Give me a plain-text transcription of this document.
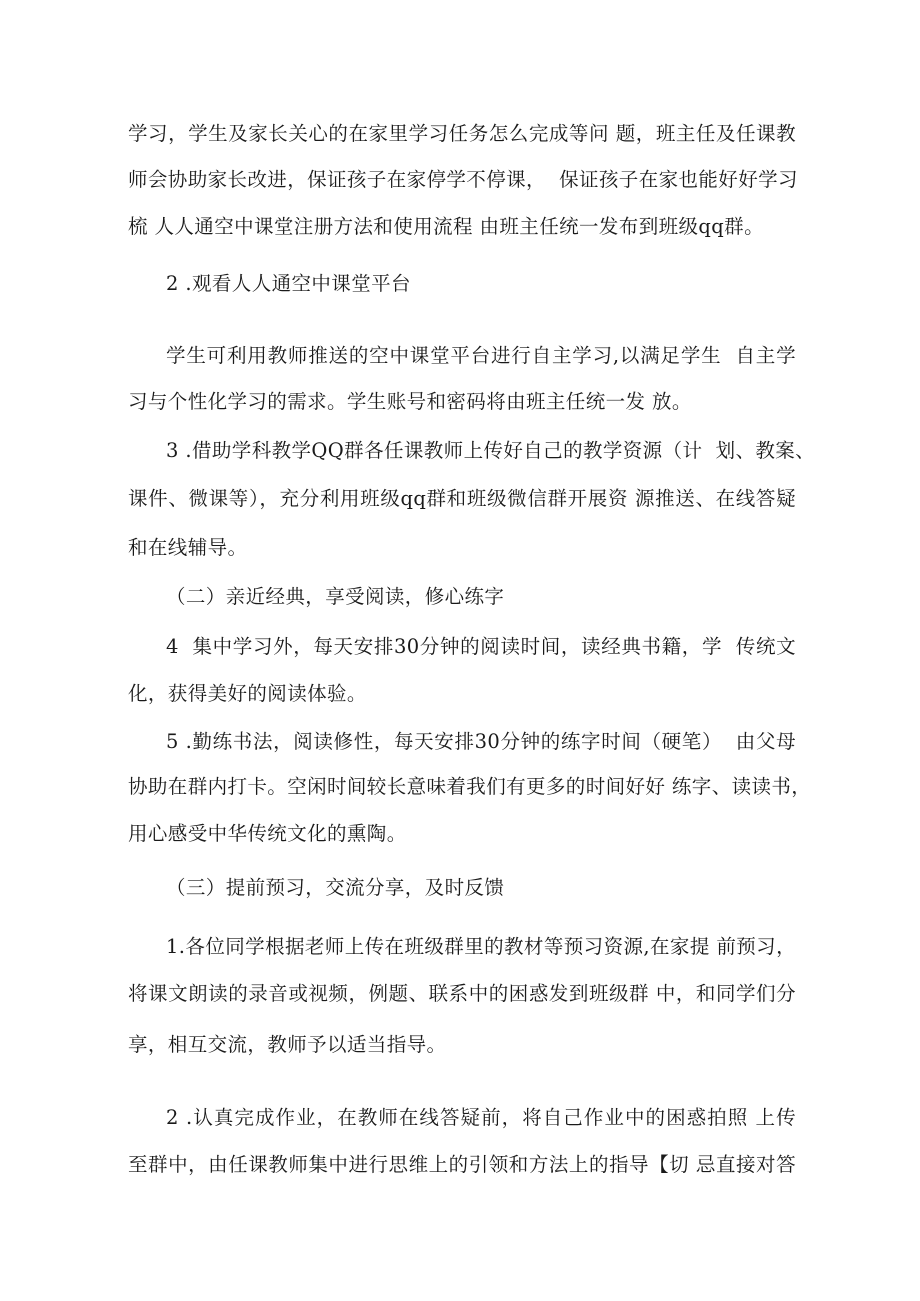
学习，学生及家长关心的在家里学习任务怎么完成等问 题，班主任及任课教
师会协助家长改进，保证孩子在家停学不停课，  保证孩子在家也能好好学习
梳 人人通空中课堂注册方法和使用流程 由班主任统一发布到班级qq群。
2 .观看人人通空中课堂平台
学生可利用教师推送的空中课堂平台进行自主学习,以满足学生  自主学
习与个性化学习的需求。学生账号和密码将由班主任统一发 放。
3 .借助学科教学QQ群各任课教师上传好自己的教学资源（计  划、教案、
课件、微课等），充分利用班级qq群和班级微信群开展资 源推送、在线答疑
和在线辅导。
（二）亲近经典，享受阅读，修心练字
4  集中学习外，每天安排30分钟的阅读时间，读经典书籍，学  传统文
化，获得美好的阅读体验。
5 .勤练书法，阅读修性，每天安排30分钟的练字时间（硬笔）  由父母
协助在群内打卡。空闲时间较长意味着我们有更多的时间好好 练字、读读书，
用心感受中华传统文化的熏陶。
（三）提前预习，交流分享，及时反馈
1.各位同学根据老师上传在班级群里的教材等预习资源,在家提 前预习，
将课文朗读的录音或视频，例题、联系中的困惑发到班级群 中，和同学们分
享，相互交流，教师予以适当指导。
2 .认真完成作业，在教师在线答疑前，将自己作业中的困惑拍照 上传
至群中，由任课教师集中进行思维上的引领和方法上的指导【切 忌直接对答
